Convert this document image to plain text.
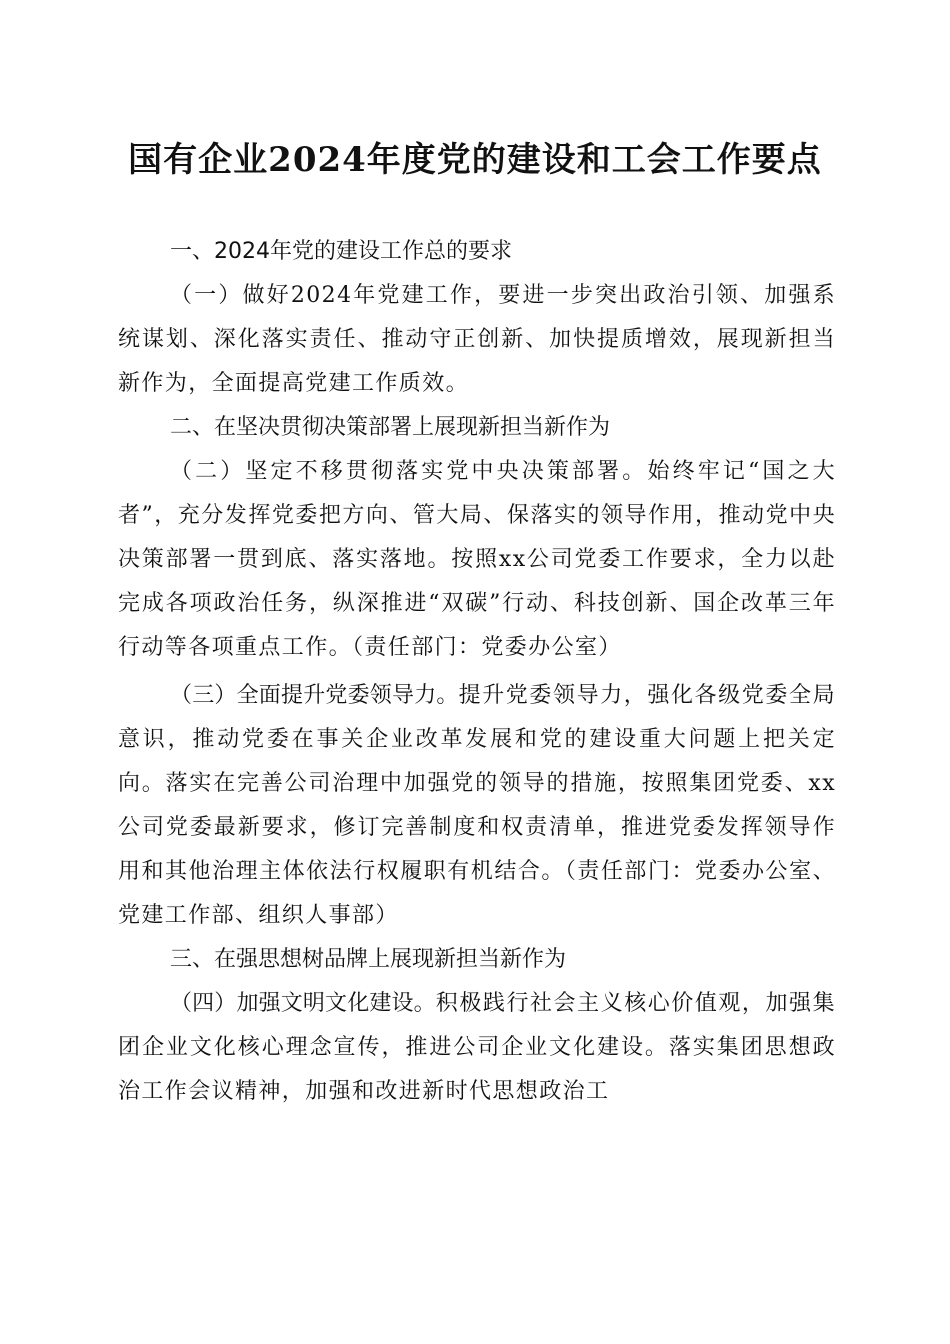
国有企业2024年度党的建设和工会工作要点

一、2024年党的建设工作总的要求

（一）做好2024年党建工作，要进一步突出政治引领、加强系统谋划、深化落实责任、推动守正创新、加快提质增效，展现新担当新作为，全面提高党建工作质效。

二、在坚决贯彻决策部署上展现新担当新作为

（二）坚定不移贯彻落实党中央决策部署。始终牢记“国之大者”，充分发挥党委把方向、管大局、保落实的领导作用，推动党中央决策部署一贯到底、落实落地。按照xx公司党委工作要求，全力以赴完成各项政治任务，纵深推进“双碳”行动、科技创新、国企改革三年行动等各项重点工作。（责任部门：党委办公室）

（三）全面提升党委领导力。提升党委领导力，强化各级党委全局意识，推动党委在事关企业改革发展和党的建设重大问题上把关定向。落实在完善公司治理中加强党的领导的措施，按照集团党委、xx公司党委最新要求，修订完善制度和权责清单，推进党委发挥领导作用和其他治理主体依法行权履职有机结合。（责任部门：党委办公室、党建工作部、组织人事部）

三、在强思想树品牌上展现新担当新作为

（四）加强文明文化建设。积极践行社会主义核心价值观，加强集团企业文化核心理念宣传，推进公司企业文化建设。落实集团思想政治工作会议精神，加强和改进新时代思想政治工
